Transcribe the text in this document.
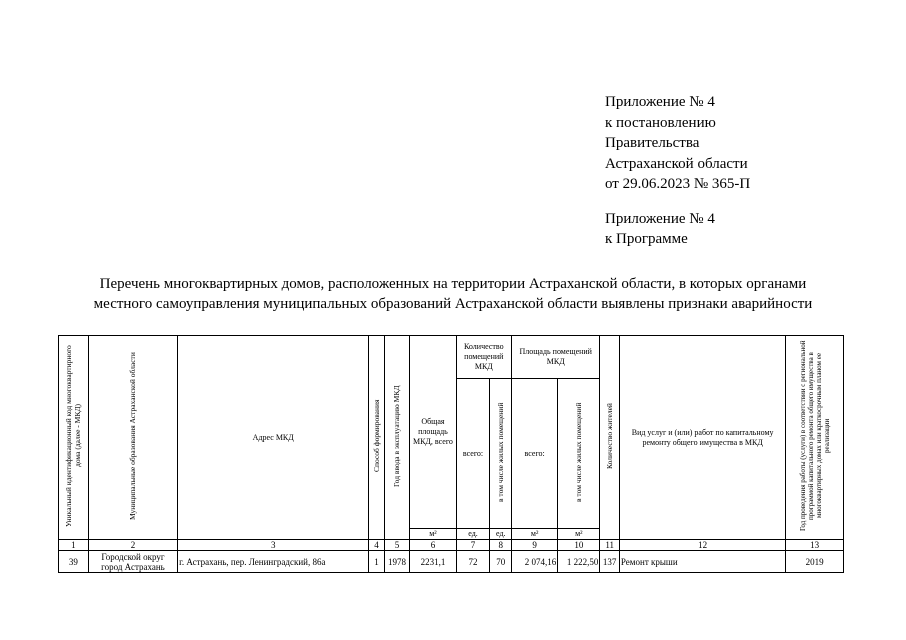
Приложение № 4
к постановлению
Правительства
Астраханской области
от 29.06.2023 № 365-П
Приложение № 4
к Программе
Перечень многоквартирных домов, расположенных на территории Астраханской области, в которых органами
местного самоуправления муниципальных образований Астраханской области выявлены признаки аварийности
Уникальный идентификационный код многоквартирного дома (далее - МКД)	Муниципальные образования Астраханской области	Адрес МКД	Способ формирования	Год ввода в эксплуатацию МКД	Общая площадь МКД, всего	Количество помещений МКД		Площадь помещений МКД		Количество жителей	Вид услуг и (или) работ по капитальному ремонту общего имущества в МКД	Год проведения работы (услуги) в соответствии с региональной программой капитального ремонта общего имущества в многоквартирных домах или краткосрочным планом ее реализации
						всего:	в том числе жилых помещений	всего:	в том числе жилых помещений			
					м²	ед.	ед.	м²	м²			
1	2	3	4	5	6	7	8	9	10	11	12	13
39	Городской округ город Астрахань	г. Астрахань, пер. Ленинградский, 86а	1	1978	2231,1	72	70	2 074,16	1 222,50	137	Ремонт крыши	2019
